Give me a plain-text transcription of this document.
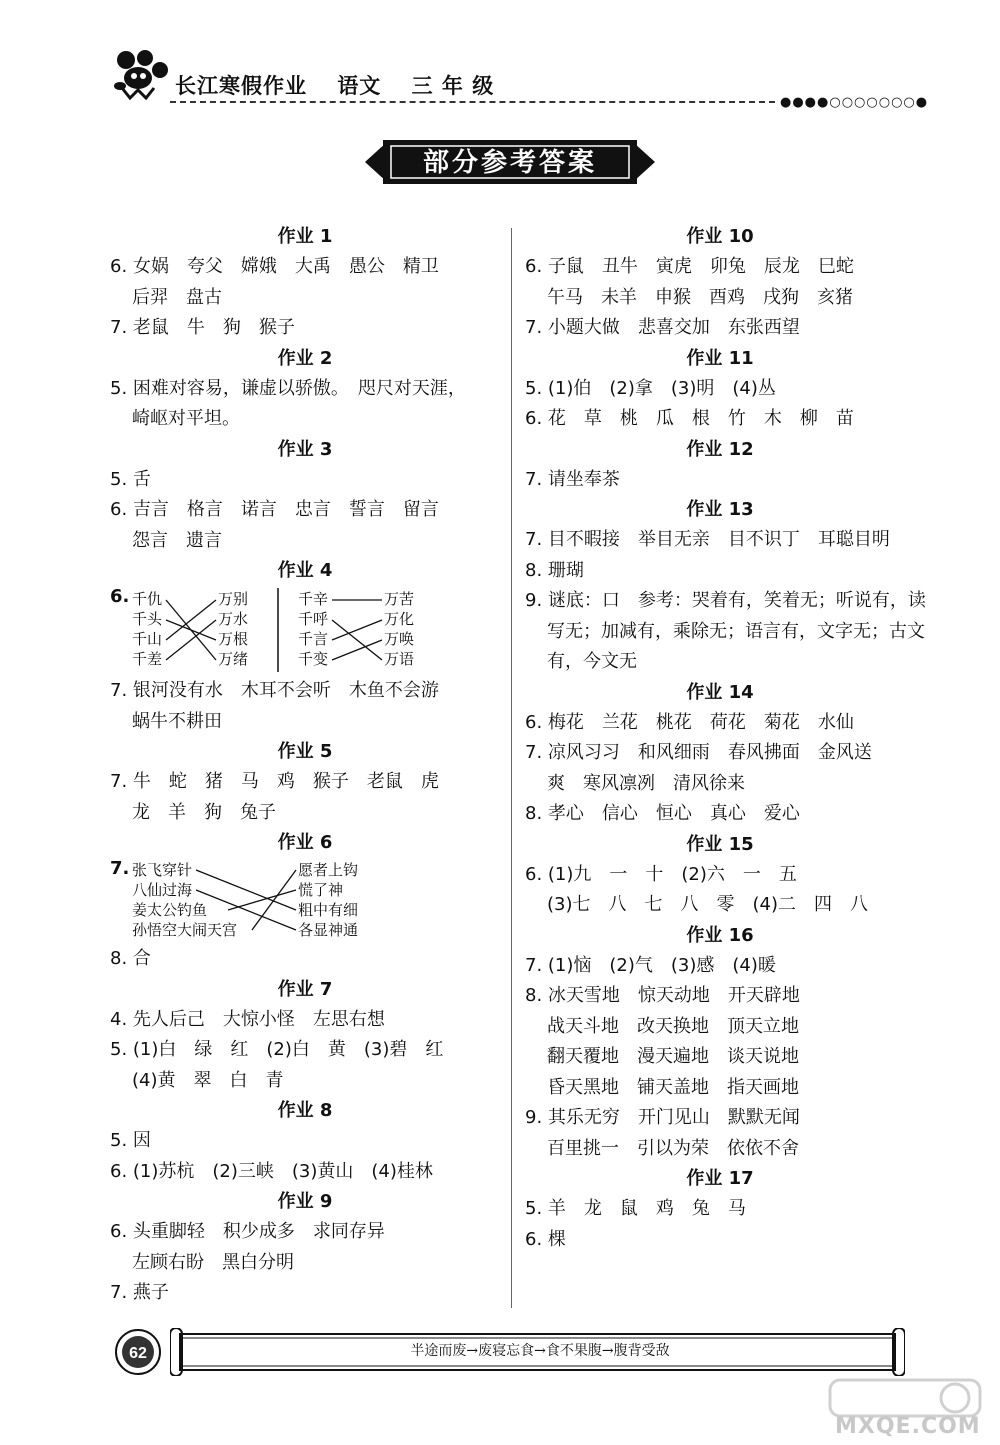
长江寒假作业 语文 三 年 级
●●●●○○○○○○○●
部分参考答案
作业 1
6. 女娲　夸父　嫦娥　大禹　愚公　精卫
后羿　盘古
7. 老鼠　牛　狗　猴子
作业 2
5. 困难对容易，谦虚以骄傲。　咫尺对天涯，
崎岖对平坦。
作业 3
5. 舌
6. 吉言　格言　诺言　忠言　誓言　留言
怨言　遗言
作业 4
6. 千仇
千头
千山
千差
万别
万水
万根
万绪
千辛
千呼
千言
千变
万苦
万化
万唤
万语
7. 银河没有水　木耳不会听　木鱼不会游
蜗牛不耕田
作业 5
7. 牛　蛇　猪　马　鸡　猴子　老鼠　虎
龙　羊　狗　兔子
作业 6
7. 张飞穿针
八仙过海
姜太公钓鱼
孙悟空大闹天宫
愿者上钩
慌了神
粗中有细
各显神通
8. 合
作业 7
4. 先人后己　大惊小怪　左思右想
5. (1)白　绿　红　(2)白　黄　(3)碧　红
(4)黄　翠　白　青
作业 8
5. 因
6. (1)苏杭　(2)三峡　(3)黄山　(4)桂林
作业 9
6. 头重脚轻　积少成多　求同存异
左顾右盼　黑白分明
7. 燕子
作业 10
6. 子鼠　丑牛　寅虎　卯兔　辰龙　巳蛇
午马　未羊　申猴　酉鸡　戌狗　亥猪
7. 小题大做　悲喜交加　东张西望
作业 11
5. (1)伯　(2)拿　(3)明　(4)丛
6. 花　草　桃　瓜　根　竹　木　柳　苗
作业 12
7. 请坐奉茶
作业 13
7. 目不暇接　举目无亲　目不识丁　耳聪目明
8. 珊瑚
9. 谜底：口　参考：哭着有，笑着无；听说有，读
写无；加减有，乘除无；语言有，文字无；古文
有，今文无
作业 14
6. 梅花　兰花　桃花　荷花　菊花　水仙
7. 凉风习习　和风细雨　春风拂面　金风送
爽　寒风凛冽　清风徐来
8. 孝心　信心　恒心　真心　爱心
作业 15
6. (1)九　一　十　(2)六　一　五
(3)七　八　七　八　零　(4)二　四　八
作业 16
7. (1)恼　(2)气　(3)感　(4)暖
8. 冰天雪地　惊天动地　开天辟地
战天斗地　改天换地　顶天立地
翻天覆地　漫天遍地　谈天说地
昏天黑地　铺天盖地　指天画地
9. 其乐无穷　开门见山　默默无闻
百里挑一　引以为荣　依依不舍
作业 17
5. 羊　龙　鼠　鸡　兔　马
6. 棵
62	半途而废→废寝忘食→食不果腹→腹背受敌
MXQE.COM
